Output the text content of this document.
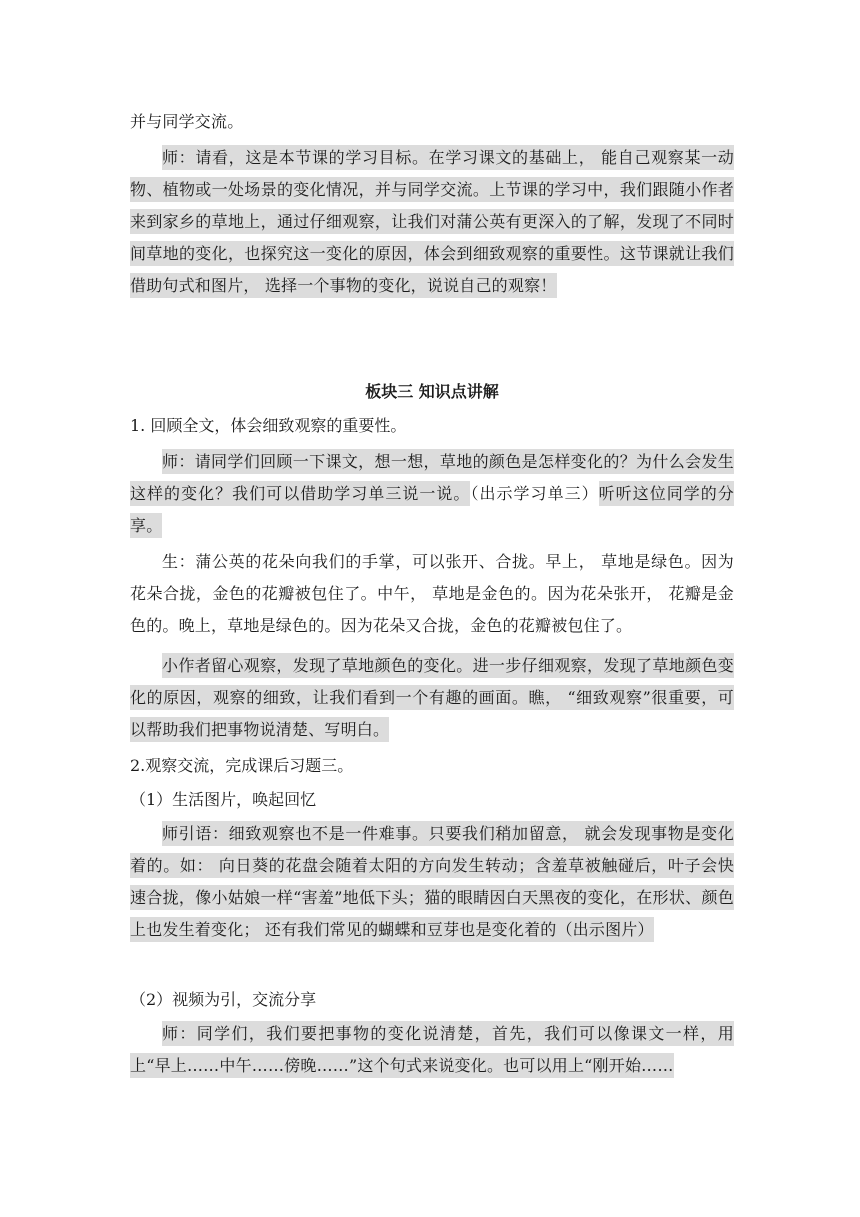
并与同学交流。
师：请看，这是本节课的学习目标。在学习课文的基础上， 能自己观察某一动物、植物或一处场景的变化情况，并与同学交流。上节课的学习中，我们跟随小作者来到家乡的草地上，通过仔细观察，让我们对蒲公英有更深入的了解，发现了不同时间草地的变化，也探究这一变化的原因，体会到细致观察的重要性。这节课就让我们借助句式和图片， 选择一个事物的变化，说说自己的观察！
板块三 知识点讲解
1. 回顾全文，体会细致观察的重要性。
师：请同学们回顾一下课文，想一想，草地的颜色是怎样变化的？为什么会发生这样的变化？我们可以借助学习单三说一说。（出示学习单三）听听这位同学的分享。
生：蒲公英的花朵向我们的手掌，可以张开、合拢。早上， 草地是绿色。因为花朵合拢，金色的花瓣被包住了。中午， 草地是金色的。因为花朵张开， 花瓣是金色的。晚上，草地是绿色的。因为花朵又合拢，金色的花瓣被包住了。
小作者留心观察，发现了草地颜色的变化。进一步仔细观察，发现了草地颜色变化的原因，观察的细致，让我们看到一个有趣的画面。瞧， “细致观察”很重要，可以帮助我们把事物说清楚、写明白。
2.观察交流，完成课后习题三。
（1）生活图片，唤起回忆
师引语：细致观察也不是一件难事。只要我们稍加留意， 就会发现事物是变化着的。如： 向日葵的花盘会随着太阳的方向发生转动；含羞草被触碰后，叶子会快速合拢，像小姑娘一样“害羞”地低下头；猫的眼睛因白天黑夜的变化，在形状、颜色上也发生着变化； 还有我们常见的蝴蝶和豆芽也是变化着的（出示图片）
（2）视频为引，交流分享
师：同学们，我们要把事物的变化说清楚，首先，我们可以像课文一样，用上“早上……中午……傍晚……”这个句式来说变化。也可以用上“刚开始……
